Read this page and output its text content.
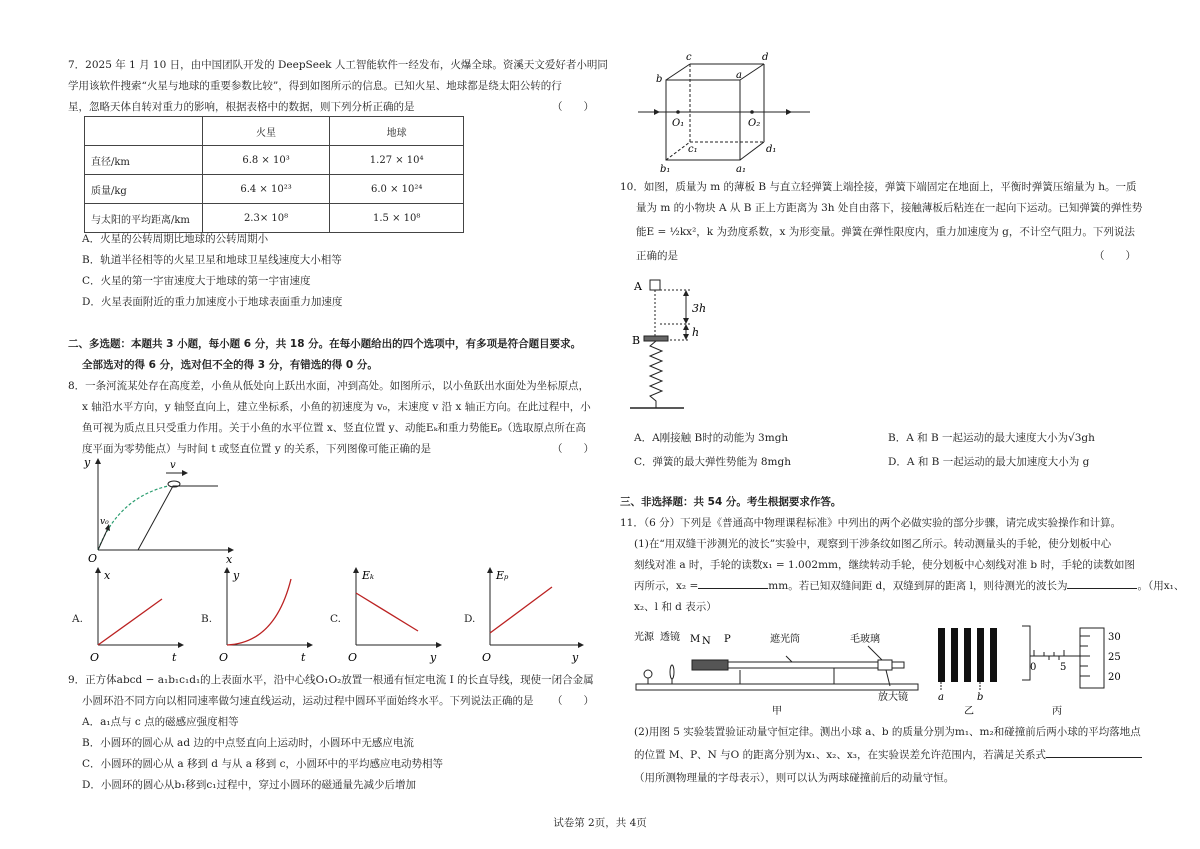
7．2025 年 1 月 10 日，由中国团队开发的 DeepSeek 人工智能软件一经发布，火爆全球。资溪天文爱好者小明同

学用该软件搜索“火星与地球的重要参数比较”，得到如图所示的信息。已知火星、地球都是绕太阳公转的行

星，忽略天体自转对重力的影响，根据表格中的数据，则下列分析正确的是	（　　）
	火星	地球
直径/km	6.8 × 10³	1.27 × 10⁴
质量/kg	6.4 × 10²³	6.0 × 10²⁴
与太阳的平均距离/km	2.3× 10⁸	1.5 × 10⁸

A．火星的公转周期比地球的公转周期小

B．轨道半径相等的火星卫星和地球卫星线速度大小相等

C．火星的第一宇宙速度大于地球的第一宇宙速度

D．火星表面附近的重力加速度小于地球表面重力加速度

二、多选题：本题共 3 小题，每小题 6 分，共 18 分。在每小题给出的四个选项中，有多项是符合题目要求。

全部选对的得 6 分，选对但不全的得 3 分，有错选的得 0 分。

8．一条河流某处存在高度差，小鱼从低处向上跃出水面，冲到高处。如图所示，以小鱼跃出水面处为坐标原点，

x 轴沿水平方向，y 轴竖直向上，建立坐标系，小鱼的初速度为 v₀，末速度 v 沿 x 轴正方向。在此过程中，小

鱼可视为质点且只受重力作用。关于小鱼的水平位置 x、竖直位置 y、动能Eₖ和重力势能Eₚ（选取原点所在高

度平面为零势能点）与时间 t 或竖直位置 y 的关系，下列图像可能正确的是	（　　）
y
x
O
v
v₀
A.
x
t
O
B.
y
t
O
C.
Eₖ
y
O
D.
Eₚ
y
O

9．正方体abcd − a₁b₁c₁d₁的上表面水平，沿中心线O₁O₂放置一根通有恒定电流 I 的长直导线，现使一闭合金属

小圆环沿不同方向以相同速率做匀速直线运动，运动过程中圆环平面始终水平。下列说法正确的是 （　　）

A．a₁点与 c 点的磁感应强度相等

B．小圆环的圆心从 ad 边的中点竖直向上运动时，小圆环中无感应电流

C．小圆环的圆心从 a 移到 d 与从 a 移到 c，小圆环中的平均感应电动势相等

D．小圆环的圆心从b₁移到c₁过程中，穿过小圆环的磁通量先减少后增加

c	d
b	a
O₁	O₂
c₁	d₁
b₁	a₁

10．如图，质量为 m 的薄板 B 与直立轻弹簧上端拴接，弹簧下端固定在地面上，平衡时弹簧压缩量为 h。一质

量为 m 的小物块 A 从 B 正上方距离为 3h 处自由落下，接触薄板后粘连在一起向下运动。已知弹簧的弹性势

能E = ½kx²，k 为劲度系数，x 为形变量。弹簧在弹性限度内，重力加速度为 g，不计空气阻力。下列说法

正确的是	（　　）
A
B
3h
h

A．A刚接触 B时的动能为 3mgh	B．A 和 B 一起运动的最大速度大小为√3gh

C．弹簧的最大弹性势能为 8mgh	D．A 和 B 一起运动的最大加速度大小为 g

三、非选择题：共 54 分。考生根据要求作答。

11．（6 分）下列是《普通高中物理课程标准》中列出的两个必做实验的部分步骤，请完成实验操作和计算。

(1)在“用双缝干涉测光的波长”实验中，观察到干涉条纹如图乙所示。转动测量头的手轮，使分划板中心

刻线对准 a 时，手轮的读数x₁ = 1.002mm，继续转动手轮，使分划板中心刻线对准 b 时，手轮的读数如图

丙所示，x₂ =	mm。若已知双缝间距 d，双缝到屏的距离 l，则待测光的波长为	。（用x₁、

x₂、l 和 d 表示）

光源 透镜 M N P	遮光筒	毛玻璃
放大镜
甲
a	b
乙
0 5
30
25
20
丙

(2)用图 5 实验装置验证动量守恒定律。测出小球 a、b 的质量分别为m₁、m₂和碰撞前后两小球的平均落地点

的位置 M、P、N 与O 的距离分别为x₁、x₂、x₃，在实验误差允许范围内，若满足关系式

（用所测物理量的字母表示），则可以认为两球碰撞前后的动量守恒。

试卷第 2页，共 4页
